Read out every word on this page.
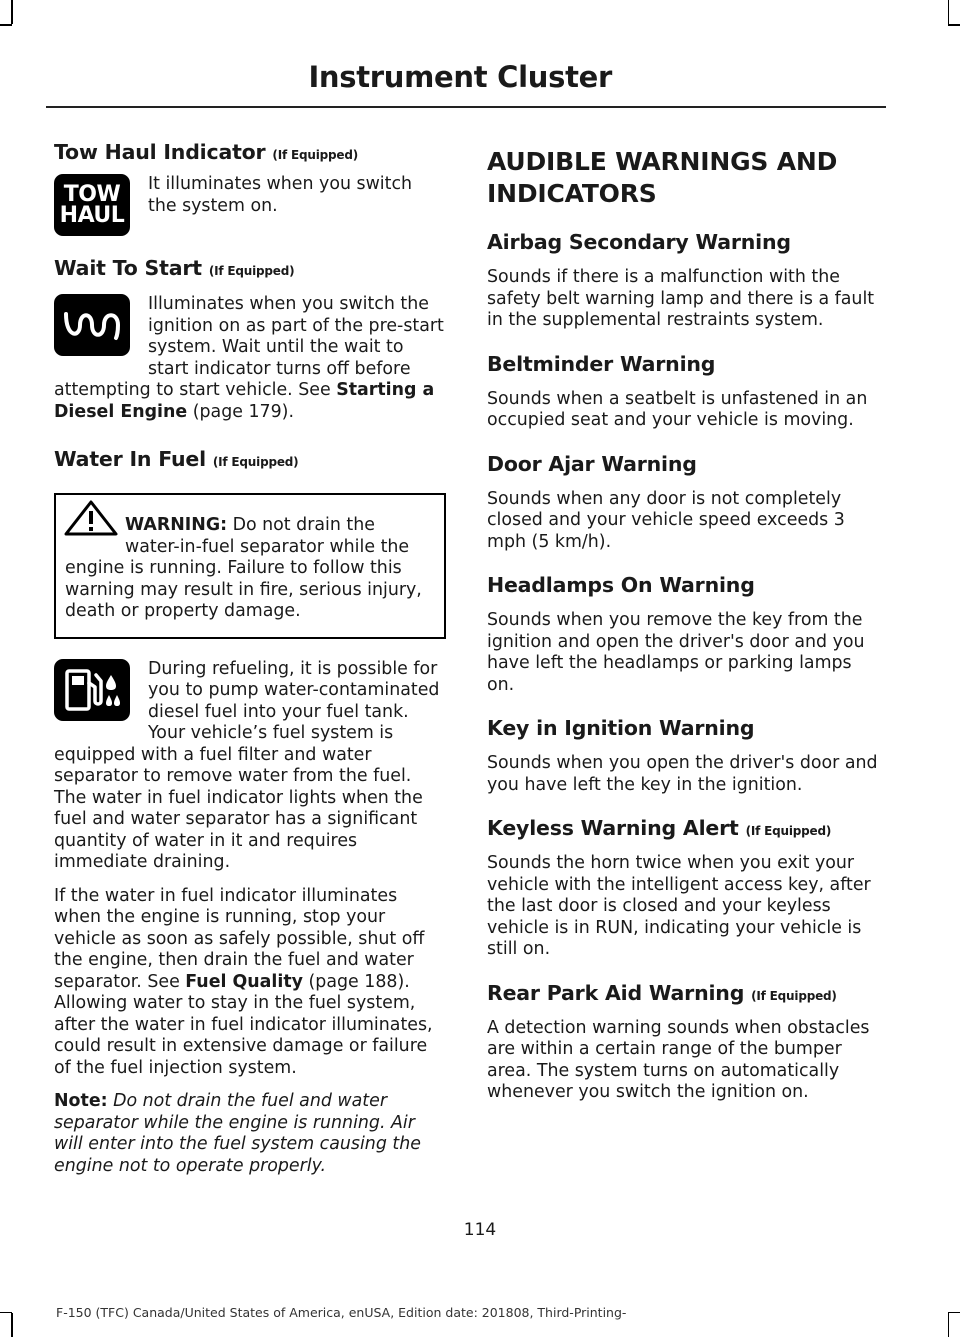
Instrument Cluster

Tow Haul Indicator (If Equipped)

TOW
HAUL

It illuminates when you switch the system on.

Wait To Start (If Equipped)

Illuminates when you switch the ignition on as part of the pre-start system. Wait until the wait to start indicator turns off before attempting to start vehicle. See Starting a Diesel Engine (page 179).

Water In Fuel (If Equipped)

WARNING: Do not drain the water-in-fuel separator while the engine is running. Failure to follow this warning may result in fire, serious injury, death or property damage.

During refueling, it is possible for you to pump water-contaminated diesel fuel into your fuel tank. Your vehicle’s fuel system is equipped with a fuel filter and water separator to remove water from the fuel. The water in fuel indicator lights when the fuel and water separator has a significant quantity of water in it and requires immediate draining.

If the water in fuel indicator illuminates when the engine is running, stop your vehicle as soon as safely possible, shut off the engine, then drain the fuel and water separator. See Fuel Quality (page 188). Allowing water to stay in the fuel system, after the water in fuel indicator illuminates, could result in extensive damage or failure of the fuel injection system.

Note: Do not drain the fuel and water separator while the engine is running. Air will enter into the fuel system causing the engine not to operate properly.

AUDIBLE WARNINGS AND
INDICATORS

Airbag Secondary Warning

Sounds if there is a malfunction with the safety belt warning lamp and there is a fault in the supplemental restraints system.

Beltminder Warning

Sounds when a seatbelt is unfastened in an occupied seat and your vehicle is moving.

Door Ajar Warning

Sounds when any door is not completely closed and your vehicle speed exceeds 3 mph (5 km/h).

Headlamps On Warning

Sounds when you remove the key from the ignition and open the driver's door and you have left the headlamps or parking lamps on.

Key in Ignition Warning

Sounds when you open the driver's door and you have left the key in the ignition.

Keyless Warning Alert (If Equipped)

Sounds the horn twice when you exit your vehicle with the intelligent access key, after the last door is closed and your keyless vehicle is in RUN, indicating your vehicle is still on.

Rear Park Aid Warning (If Equipped)

A detection warning sounds when obstacles are within a certain range of the bumper area. The system turns on automatically whenever you switch the ignition on.

114
F-150 (TFC) Canada/United States of America, enUSA, Edition date: 201808, Third-Printing-
